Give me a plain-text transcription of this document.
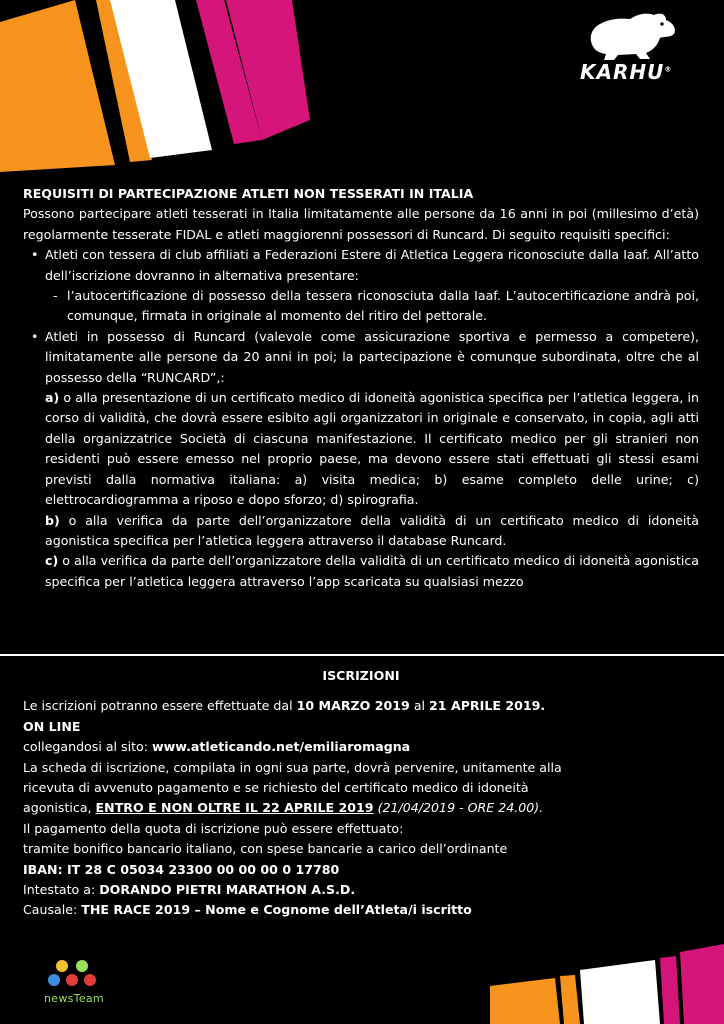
KARHU®

REQUISITI DI PARTECIPAZIONE ATLETI NON TESSERATI IN ITALIA

Possono partecipare atleti tesserati in Italia limitatamente alle persone da 16 anni in poi (millesimo d’età) regolarmente tesserate FIDAL e atleti maggiorenni possessori di Runcard. Di seguito requisiti specifici:

• Atleti con tessera di club affiliati a Federazioni Estere di Atletica Leggera riconosciute dalla Iaaf. All’atto dell’iscrizione dovranno in alternativa presentare:
- l’autocertificazione di possesso della tessera riconosciuta dalla Iaaf. L’autocertificazione andrà poi, comunque, firmata in originale al momento del ritiro del pettorale.
• Atleti in possesso di Runcard (valevole come assicurazione sportiva e permesso a competere), limitatamente alle persone da 20 anni in poi; la partecipazione è comunque subordinata, oltre che al possesso della “RUNCARD”,:

a) o alla presentazione di un certificato medico di idoneità agonistica specifica per l’atletica leggera, in corso di validità, che dovrà essere esibito agli organizzatori in originale e conservato, in copia, agli atti della organizzatrice Società di ciascuna manifestazione. Il certificato medico per gli stranieri non residenti può essere emesso nel proprio paese, ma devono essere stati effettuati gli stessi esami previsti dalla normativa italiana: a) visita medica; b) esame completo delle urine; c) elettrocardiogramma a riposo e dopo sforzo; d) spirografia.

b) o alla verifica da parte dell’organizzatore della validità di un certificato medico di idoneità agonistica specifica per l’atletica leggera attraverso il database Runcard.

c) o alla verifica da parte dell’organizzatore della validità di un certificato medico di idoneità agonistica specifica per l’atletica leggera attraverso l’app scaricata su qualsiasi mezzo

ISCRIZIONI
Le iscrizioni potranno essere effettuate dal 10 MARZO 2019 al 21 APRILE 2019.
ON LINE
collegandosi al sito: www.atleticando.net/emiliaromagna
La scheda di iscrizione, compilata in ogni sua parte, dovrà pervenire, unitamente alla
ricevuta di avvenuto pagamento e se richiesto del certificato medico di idoneità
agonistica, ENTRO E NON OLTRE IL 22 APRILE 2019 (21/04/2019 - ORE 24.00).
Il pagamento della quota di iscrizione può essere effettuato:
tramite bonifico bancario italiano, con spese bancarie a carico dell’ordinante
IBAN: IT 28 C 05034 23300 00 00 00 0 17780
Intestato a: DORANDO PIETRI MARATHON A.S.D.
Causale: THE RACE 2019 – Nome e Cognome dell’Atleta/i iscritto
newsTeam
